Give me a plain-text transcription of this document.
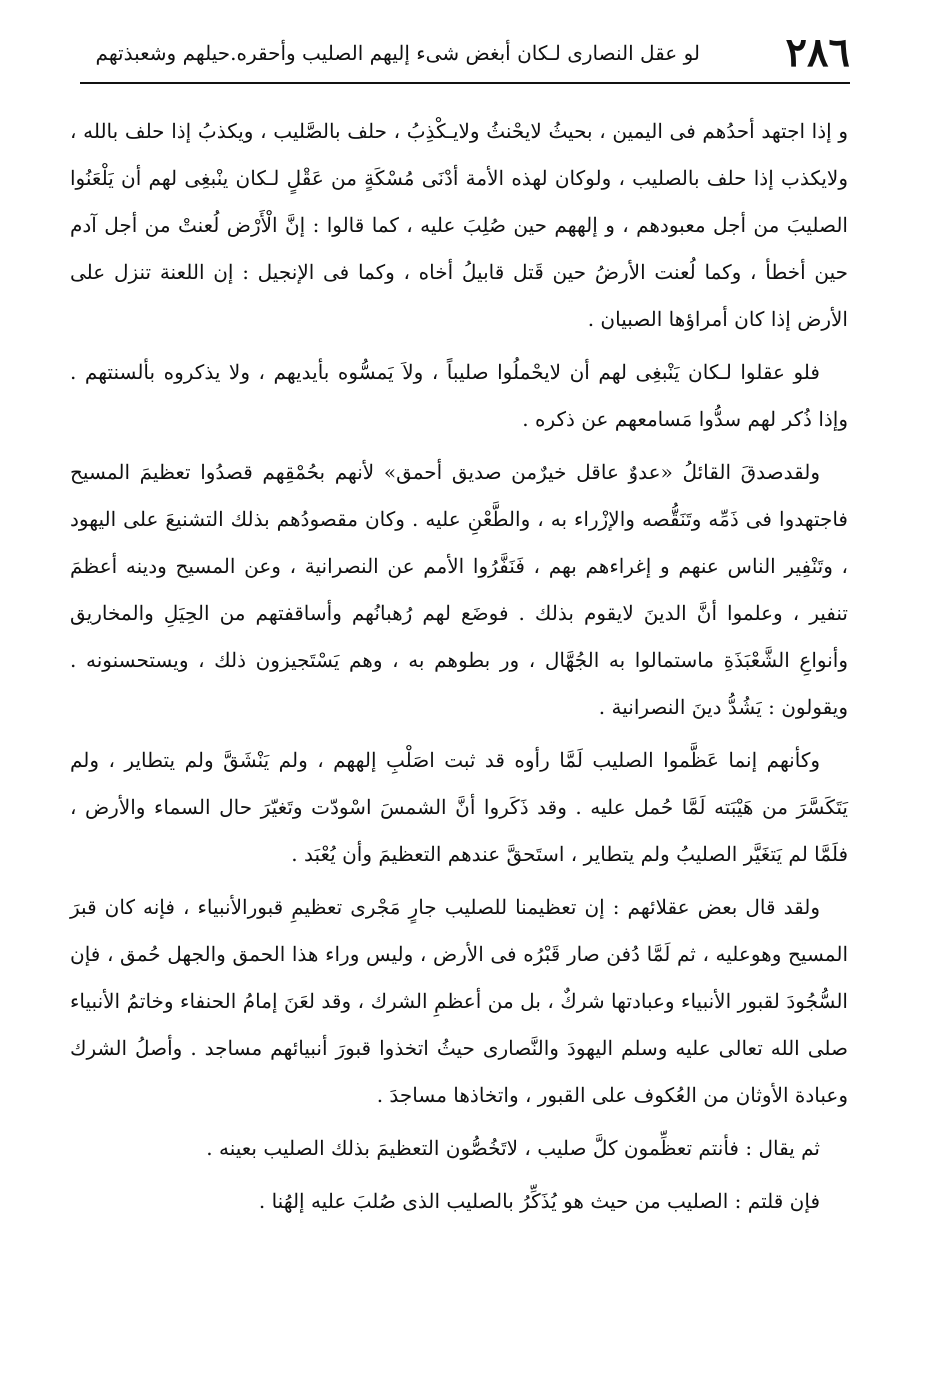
٢٨٦
لو عقل النصارى لـكان أبغض شىء إليهم الصليب وأحقره.حيلهم وشعبذتهم

و إذا اجتهد أحدُهم فى اليمين ، بحيثُ لايحْنثُ ولايـكْذِبُ ، حلف بالصَّليب ، ويكذبُ إذا حلف بالله ، ولايكذب إذا حلف بالصليب ، ولوكان لهذه الأمة أدْنَى مُسْكَةٍ من عَقْلٍ لـكان ينْبغِى لهم أن يَلْعَنُوا الصليبَ من أجل معبودهم ، و إلههم حين صُلِبَ عليه ، كما قالوا : إنَّ الْأَرْض لُعنتْ من أجل آدم حين أخطأ ، وكما لُعنت الأرضُ حين قَتل قابيلُ أخاه ، وكما فى الإنجيل : إن اللعنة تنزل على الأرض إذا كان أمراؤها الصبيان .

فلو عقلوا لـكان يَنْبغِى لهم أن لايحْملُوا صليباً ، ولاَ يَمسُّوه بأيديهم ، ولا يذكروه بألسنتهم . وإذا ذُكر لهم سدُّوا مَسامعهم عن ذكره .

ولقدصدقَ القائلُ «عدوٌ عاقل خيرٌمن صديق أحمق» لأنهم بحُمْقِهم قصدُوا تعظيمَ المسيح فاجتهدوا فى ذَمِّه وتَنَقُّصه والإزْراء به ، والطَّعْنِ عليه . وكان مقصودُهم بذلك التشنيعَ على اليهود ، وتَنْفِير الناس عنهم و إغراءهم بهم ، فَنَفَّرُوا الأمم عن النصرانية ، وعن المسيح ودينه أعظمَ تنفير ، وعلموا أنَّ الدينَ لايقوم بذلك . فوضَع لهم رُهبانُهم وأساقفتهم من الحِيَلِ والمخاريق وأنواعِ الشَّعْبَذَةِ ماستمالوا به الجُهَّال ، ور بطوهم به ، وهم يَسْتَجيزون ذلك ، ويستحسنونه . ويقولون : يَشُدُّ دينَ النصرانية .

وكأنهم إنما عَظَّموا الصليب لَمَّا رأوه قد ثبت اصَلْبِ إلههم ، ولم يَنْشَقَّ ولم يتطاير ، ولم يَتَكَسَّرَ من هَيْبَته لَمَّا حُمل عليه . وقد ذَكَروا أنَّ الشمسَ اسْودّت وتَغيّرَ حال السماء والأرض ، فلَمَّا لم يَتغَيَّر الصليبُ ولم يتطاير ، استَحقَّ عندهم التعظيمَ وأن يُعْبَد .

ولقد قال بعض عقلائهم : إن تعظيمنا للصليب جارٍ مَجْرى تعظيمِ قبورالأنبياء ، فإنه كان قبرَ المسيح وهوعليه ، ثم لَمَّا دُفن صار قَبْرُه فى الأرض ، وليس وراء هذا الحمق والجهل حُمق ، فإن السُّجُودَ لقبور الأنبياء وعبادتها شركٌ ، بل من أعظمِ الشرك ، وقد لعَنَ إمامُ الحنفاء وخاتمُ الأنبياء صلى الله تعالى عليه وسلم اليهودَ والنَّصارى حيثُ اتخذوا قبورَ أنبيائهم مساجد . وأصلُ الشرك وعبادة الأوثان من العُكوف على القبور ، واتخاذها مساجدَ .

ثم يقال : فأنتم تعظِّمون كلَّ صليب ، لاتَخُصُّون التعظيمَ بذلك الصليب بعينه .

فإن قلتم : الصليب من حيث هو يُذَكِّرُ بالصليب الذى صُلبَ عليه إلهُنا .
